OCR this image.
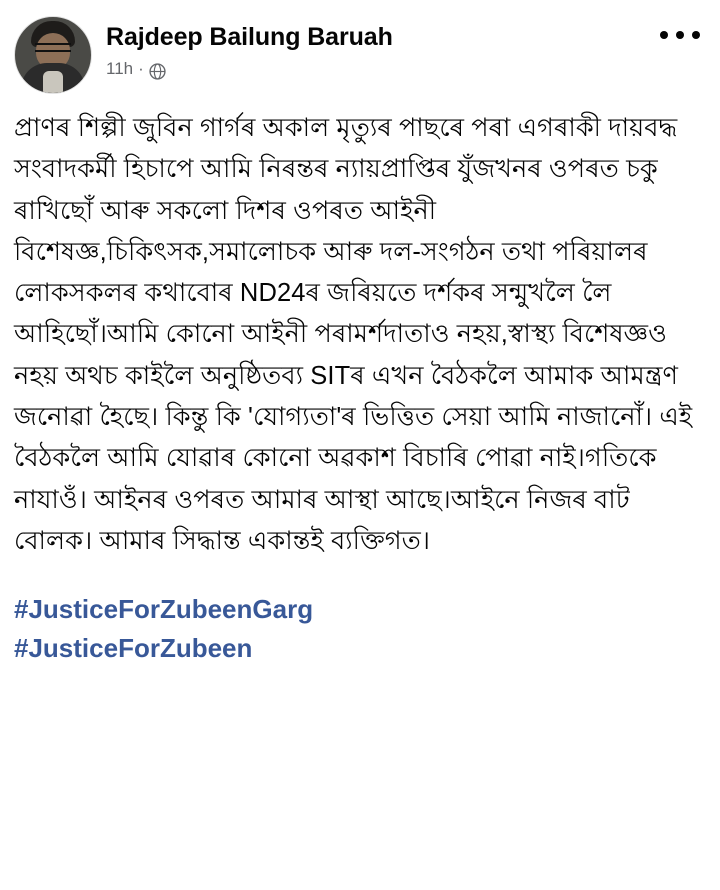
Rajdeep Bailung Baruah
11h ·

প্ৰাণৰ শিল্পী জুবিন গাৰ্গৰ অকাল মৃত্যুৰ পাছৰে পৰা এগৰাকী দায়বদ্ধ সংবাদকৰ্মী হিচাপে আমি নিৰন্তৰ ন্যায়প্ৰাপ্তিৰ যুঁজখনৰ ওপৰত চকু ৰাখিছোঁ আৰু সকলো দিশৰ ওপৰত আইনী বিশেষজ্ঞ,চিকিৎসক,সমালোচক আৰু দল-সংগঠন তথা পৰিয়ালৰ লোকসকলৰ কথাবোৰ ND24ৰ জৰিয়তে দৰ্শকৰ সন্মুখলৈ লৈ আহিছোঁ।আমি কোনো আইনী পৰামৰ্শদাতাও নহয়,স্বাস্থ্য বিশেষজ্ঞও নহয় অথচ কাইলৈ অনুষ্ঠিতব্য SITৰ এখন বৈঠকলৈ আমাক আমন্ত্ৰণ জনোৱা হৈছে। কিন্তু কি 'যোগ্যতা'ৰ ভিত্তিত সেয়া আমি নাজানোঁ। এই বৈঠকলৈ আমি যোৱাৰ কোনো অৱকাশ বিচাৰি পোৱা নাই।গতিকে নাযাওঁ। আইনৰ ওপৰত আমাৰ আস্থা আছে।আইনে নিজৰ বাট বোলক। আমাৰ সিদ্ধান্ত একান্তই ব্যক্তিগত।

#JusticeForZubeenGarg
#JusticeForZubeen
